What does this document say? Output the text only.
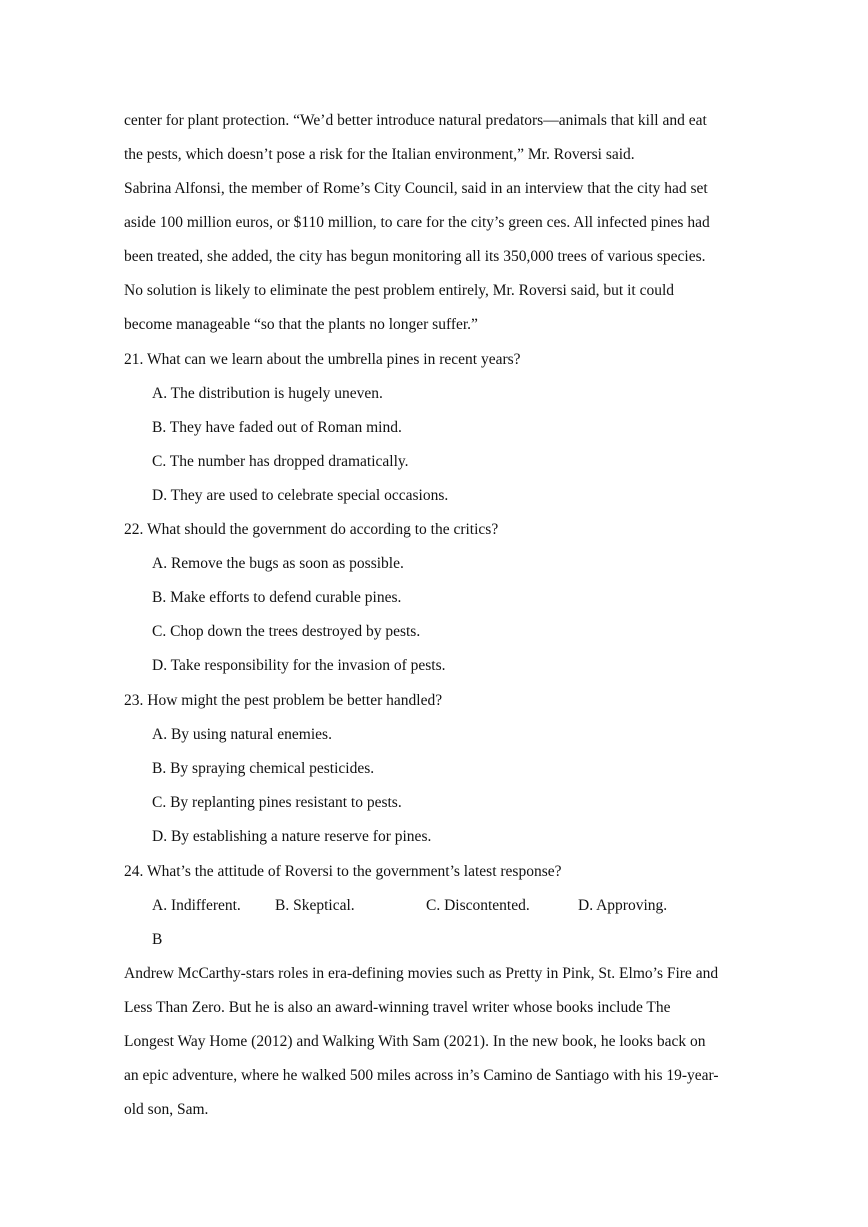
center for plant protection. “We’d better introduce natural predators—animals that kill and eat
the pests, which doesn’t pose a risk for the Italian environment,” Mr. Roversi said.
Sabrina Alfonsi, the member of Rome’s City Council, said in an interview that the city had set
aside 100 million euros, or $110 million, to care for the city’s green ces. All infected pines had
been treated, she added, the city has begun monitoring all its 350,000 trees of various species.
No solution is likely to eliminate the pest problem entirely, Mr. Roversi said, but it could
become manageable “so that the plants no longer suffer.”
21. What can we learn about the umbrella pines in recent years?
A. The distribution is hugely uneven.
B. They have faded out of Roman mind.
C. The number has dropped dramatically.
D. They are used to celebrate special occasions.
22. What should the government do according to the critics?
A. Remove the bugs as soon as possible.
B. Make efforts to defend curable pines.
C. Chop down the trees destroyed by pests.
D. Take responsibility for the invasion of pests.
23. How might the pest problem be better handled?
A. By using natural enemies.
B. By spraying chemical pesticides.
C. By replanting pines resistant to pests.
D. By establishing a nature reserve for pines.
24. What’s the attitude of Roversi to the government’s latest response?
A. Indifferent. B. Skeptical.	C. Discontented.	D. Approving.
B
Andrew McCarthy-stars roles in era-defining movies such as Pretty in Pink, St. Elmo’s Fire and
Less Than Zero. But he is also an award-winning travel writer whose books include The
Longest Way Home (2012) and Walking With Sam (2021). In the new book, he looks back on
an epic adventure, where he walked 500 miles across in’s Camino de Santiago with his 19-year-
old son, Sam.
